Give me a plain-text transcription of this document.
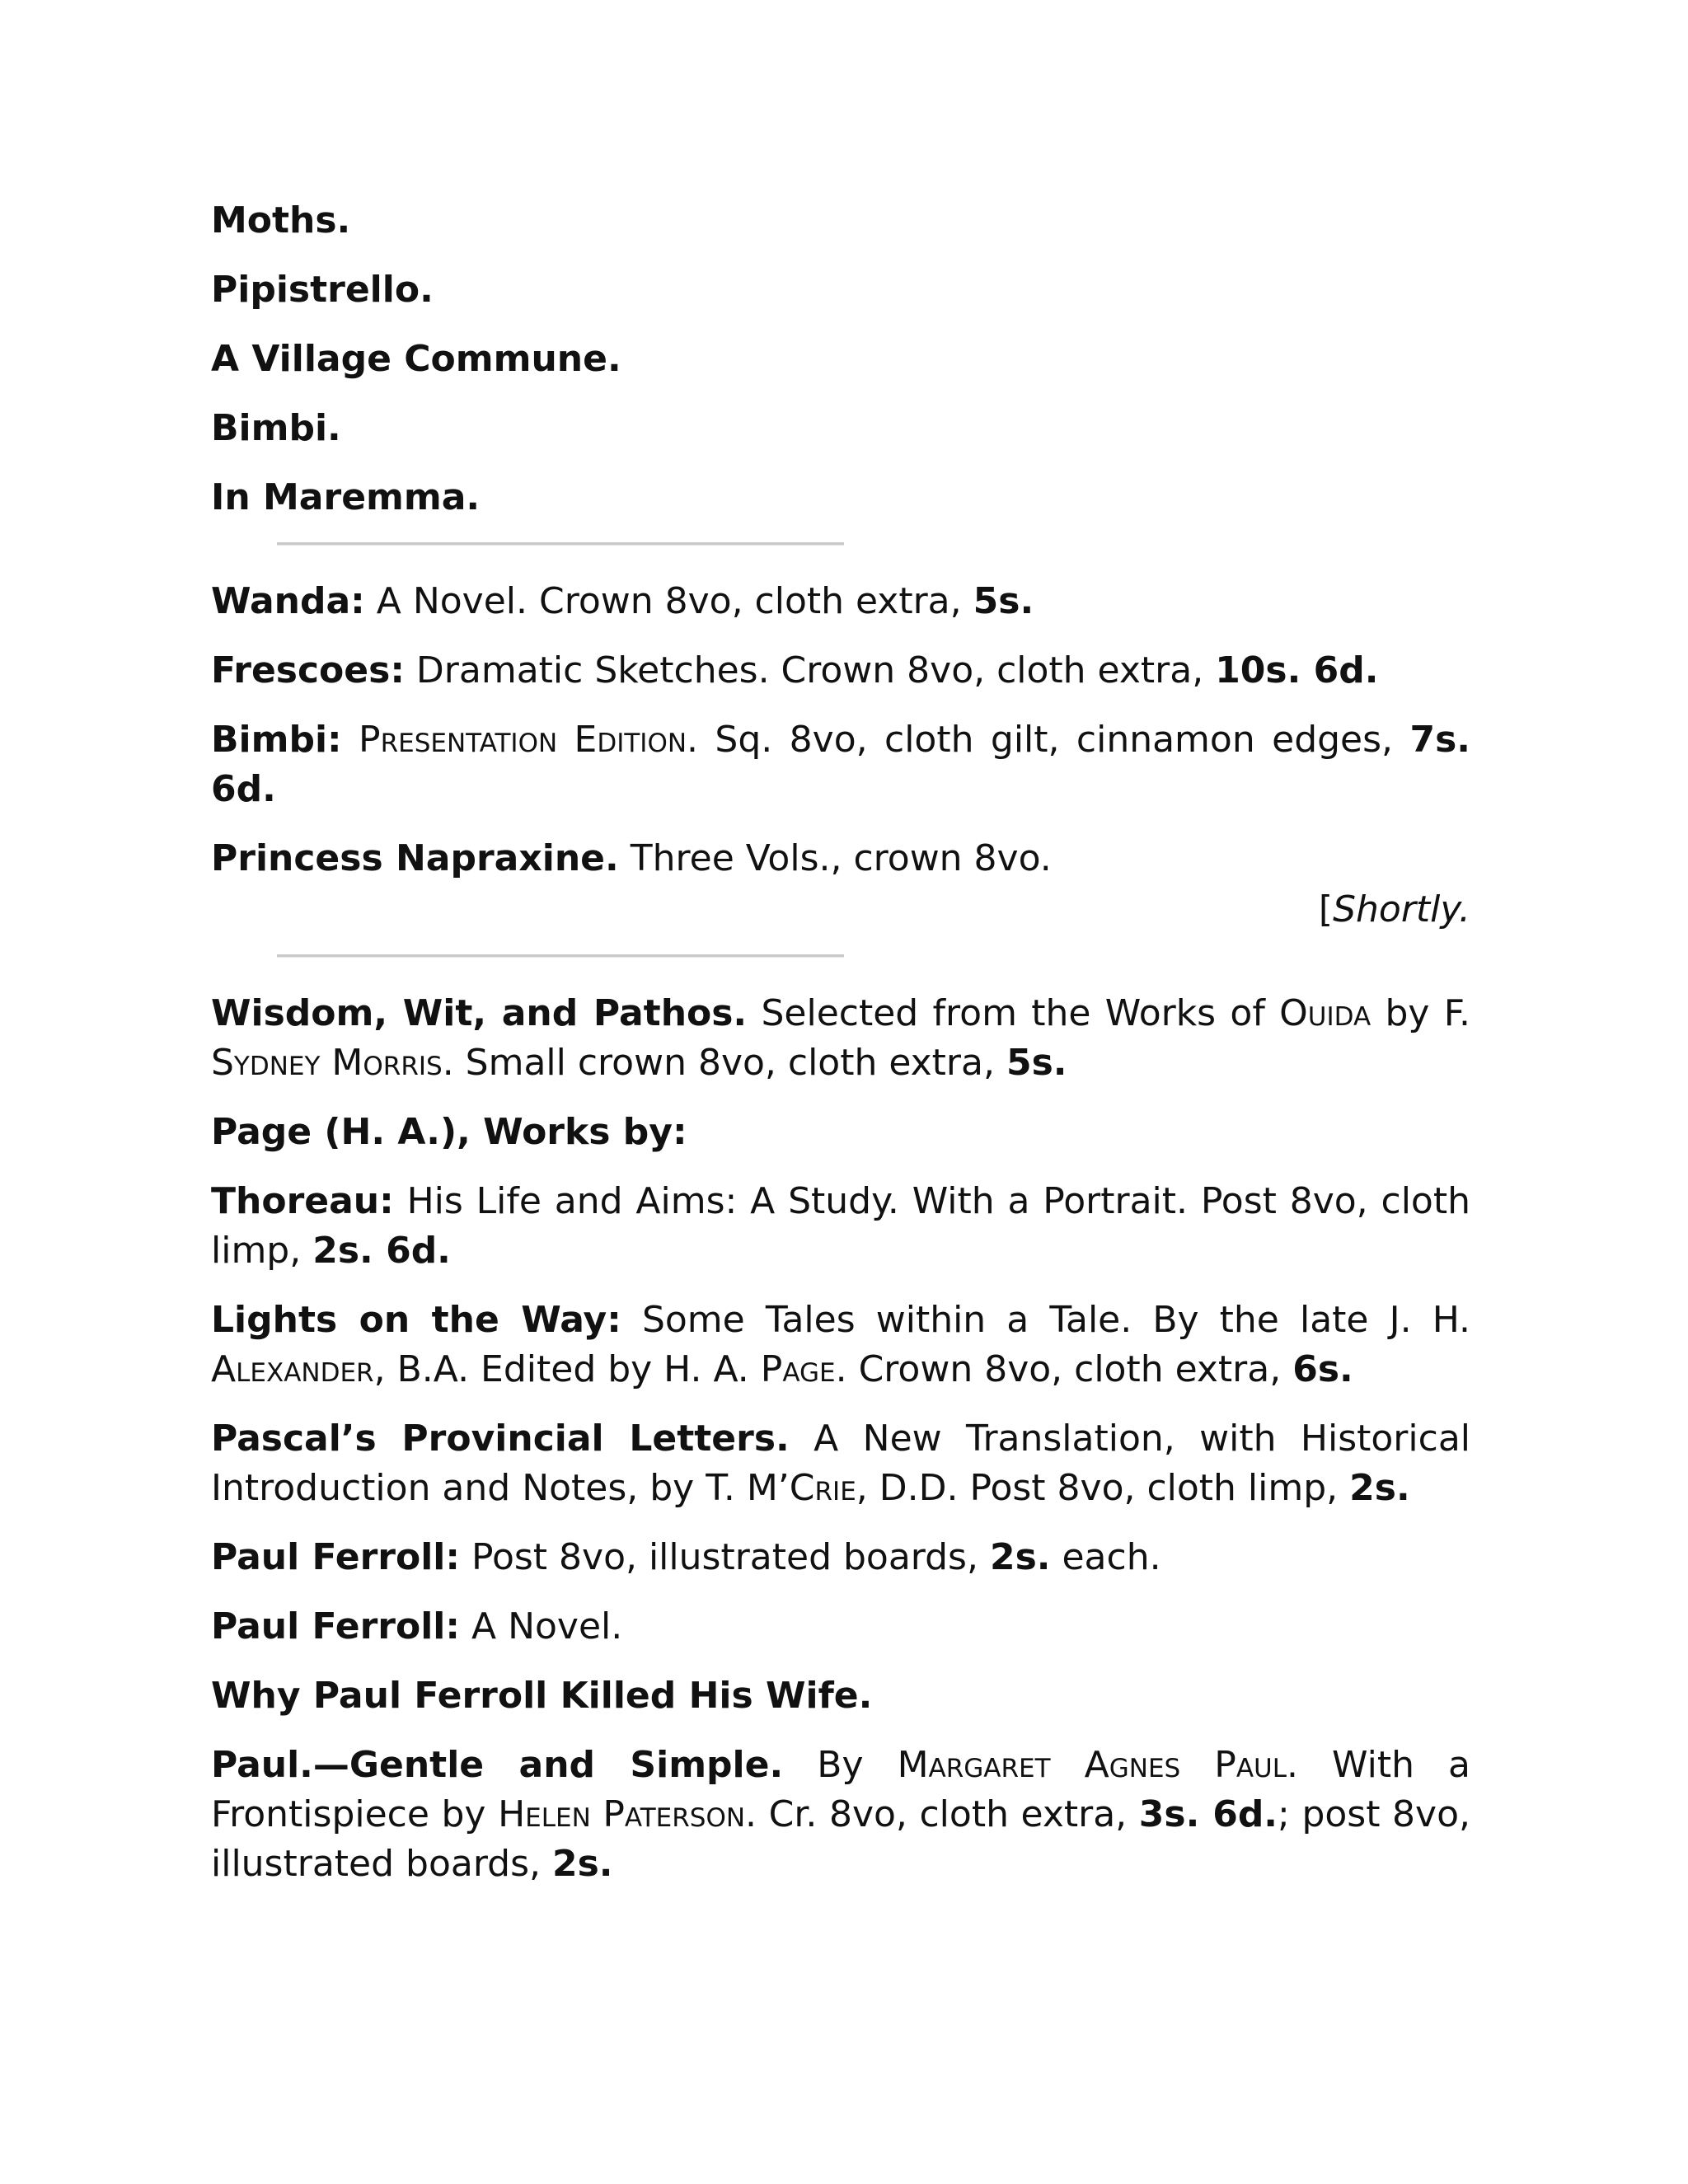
Moths.
Pipistrello.
A Village Commune.
Bimbi.
In Maremma.

Wanda: A Novel. Crown 8vo, cloth extra, 5s.

Frescoes: Dramatic Sketches. Crown 8vo, cloth extra, 10s. 6d.

Bimbi: Presentation Edition. Sq. 8vo, cloth gilt, cinnamon edges, 7s. 6d.

Princess Napraxine. Three Vols., crown 8vo.

[Shortly.

Wisdom, Wit, and Pathos. Selected from the Works of Ouida by F. Sydney Morris. Small crown 8vo, cloth extra, 5s.

Page (H. A.), Works by:

Thoreau: His Life and Aims: A Study. With a Portrait. Post 8vo, cloth limp, 2s. 6d.

Lights on the Way: Some Tales within a Tale. By the late J. H. Alexander, B.A. Edited by H. A. Page. Crown 8vo, cloth extra, 6s.

Pascal’s Provincial Letters. A New Translation, with Historical Introduction and Notes, by T. M’Crie, D.D. Post 8vo, cloth limp, 2s.

Paul Ferroll: Post 8vo, illustrated boards, 2s. each.

Paul Ferroll: A Novel.

Why Paul Ferroll Killed His Wife.

Paul.—Gentle and Simple. By Margaret Agnes Paul. With a Frontispiece by Helen Paterson. Cr. 8vo, cloth extra, 3s. 6d.; post 8vo, illustrated boards, 2s.
